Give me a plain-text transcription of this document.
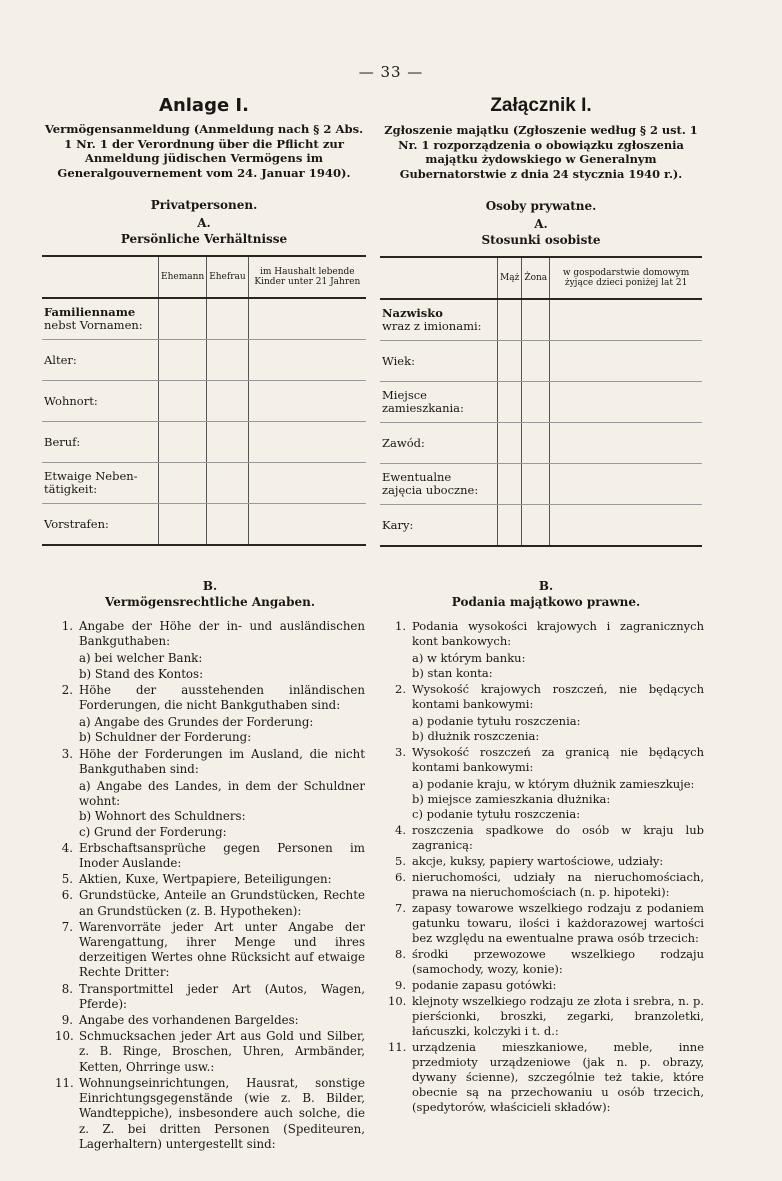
— 33 —
Anlage I.

Vermögensanmeldung (Anmeldung nach § 2 Abs. 1 Nr. 1 der Verordnung über die Pflicht zur Anmeldung jüdischen Vermögens im Generalgouvernement vom 24. Januar 1940).

Privatpersonen.
A.
Persönliche Verhältnisse
	Ehemann	Ehefrau	im Haushalt lebende Kinder unter 21 Jahren

Familienname
nebst Vornamen:			

Alter:			

Wohnort:			

Beruf:			

Etwaige Neben-
tätigkeit:			

Vorstrafen:			

Załącznik I.

Zgłoszenie majątku (Zgłoszenie według § 2 ust. 1 Nr. 1 rozporządzenia o obowiązku zgłoszenia majątku żydowskiego w Generalnym Gubernatorstwie z dnia 24 stycznia 1940 r.).

Osoby prywatne.
A.
Stosunki osobiste
	Mąż	Żona	w gospodarstwie domowym żyjące dzieci poniżej lat 21

Nazwisko
wraz z imionami:			

Wiek:			

Miejsce
zamieszkania:			

Zawód:			

Ewentualne
zajęcia uboczne:			

Kary:			

B.
Vermögensrechtliche Angaben.
1. Angabe der Höhe der in- und ausländischen Bankguthaben:
a) bei welcher Bank:
b) Stand des Kontos:
2. Höhe der ausstehenden inländischen Forderungen, die nicht Bankguthaben sind:
a) Angabe des Grundes der Forderung:
b) Schuldner der Forderung:
3. Höhe der Forderungen im Ausland, die nicht Bankguthaben sind:
a) Angabe des Landes, in dem der Schuldner wohnt:
b) Wohnort des Schuldners:
c) Grund der Forderung:
4. Erbschaftsansprüche gegen Personen im Inoder Auslande:
5. Aktien, Kuxe, Wertpapiere, Beteiligungen:
6. Grundstücke, Anteile an Grundstücken, Rechte an Grundstücken (z. B. Hypotheken):
7. Warenvorräte jeder Art unter Angabe der Warengattung, ihrer Menge und ihres derzeitigen Wertes ohne Rücksicht auf etwaige Rechte Dritter:
8. Transportmittel jeder Art (Autos, Wagen, Pferde):
9. Angabe des vorhandenen Bargeldes:
10. Schmucksachen jeder Art aus Gold und Silber, z. B. Ringe, Broschen, Uhren, Armbänder, Ketten, Ohrringe usw.:
11. Wohnungseinrichtungen, Hausrat, sonstige Einrichtungsgegenstände (wie z. B. Bilder, Wandteppiche), insbesondere auch solche, die z. Z. bei dritten Personen (Spediteuren, Lagerhaltern) untergestellt sind:
B.
Podania majątkowo prawne.
1. Podania wysokości krajowych i zagranicznych kont bankowych:
a) w którym banku:
b) stan konta:
2. Wysokość krajowych roszczeń, nie będących kontami bankowymi:
a) podanie tytułu roszczenia:
b) dłużnik roszczenia:
3. Wysokość roszczeń za granicą nie będących kontami bankowymi:
a) podanie kraju, w którym dłużnik zamieszkuje:
b) miejsce zamieszkania dłużnika:
c) podanie tytułu roszczenia:
4. roszczenia spadkowe do osób w kraju lub zagranicą:
5. akcje, kuksy, papiery wartościowe, udziały:
6. nieruchomości, udziały na nieruchomościach, prawa na nieruchomościach (n. p. hipoteki):
7. zapasy towarowe wszelkiego rodzaju z podaniem gatunku towaru, ilości i każdorazowej wartości bez względu na ewentualne prawa osób trzecich:
8. środki przewozowe wszelkiego rodzaju (samochody, wozy, konie):
9. podanie zapasu gotówki:
10. klejnoty wszelkiego rodzaju ze złota i srebra, n. p. pierścionki, broszki, zegarki, branzoletki, łańcuszki, kolczyki i t. d.:
11. urządzenia mieszkaniowe, meble, inne przedmioty urządzeniowe (jak n. p. obrazy, dywany ścienne), szczególnie też takie, które obecnie są na przechowaniu u osób trzecich, (spedytorów, właścicieli składów):
